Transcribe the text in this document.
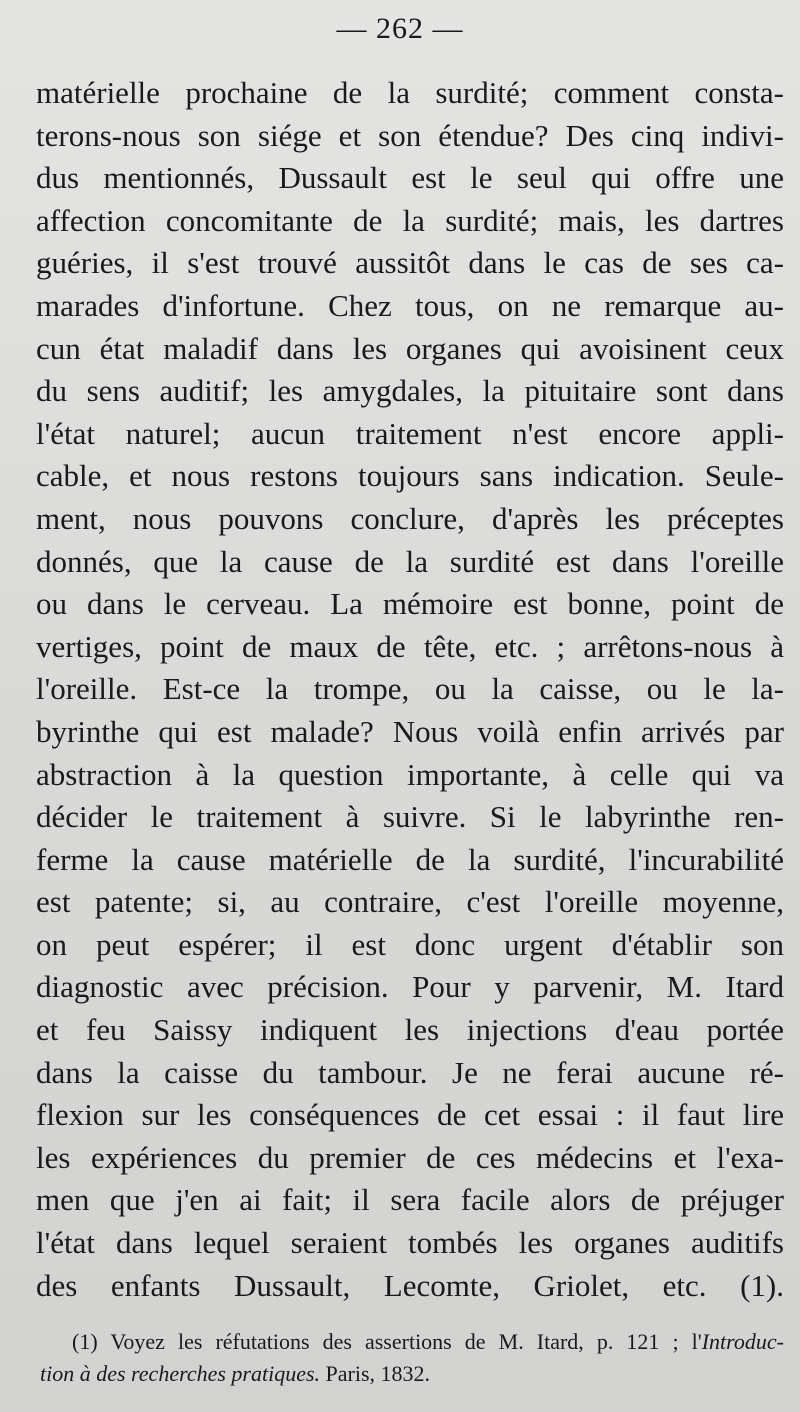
— 262 —
matérielle prochaine de la surdité; comment consta-
terons-nous son siége et son étendue? Des cinq indivi-
dus mentionnés, Dussault est le seul qui offre une
affection concomitante de la surdité; mais, les dartres
guéries, il s'est trouvé aussitôt dans le cas de ses ca-
marades d'infortune. Chez tous, on ne remarque au-
cun état maladif dans les organes qui avoisinent ceux
du sens auditif; les amygdales, la pituitaire sont dans
l'état naturel; aucun traitement n'est encore appli-
cable, et nous restons toujours sans indication. Seule-
ment, nous pouvons conclure, d'après les préceptes
donnés, que la cause de la surdité est dans l'oreille
ou dans le cerveau. La mémoire est bonne, point de
vertiges, point de maux de tête, etc. ; arrêtons-nous à
l'oreille. Est-ce la trompe, ou la caisse, ou le la-
byrinthe qui est malade? Nous voilà enfin arrivés par
abstraction à la question importante, à celle qui va
décider le traitement à suivre. Si le labyrinthe ren-
ferme la cause matérielle de la surdité, l'incurabilité
est patente; si, au contraire, c'est l'oreille moyenne,
on peut espérer; il est donc urgent d'établir son
diagnostic avec précision. Pour y parvenir, M. Itard
et feu Saissy indiquent les injections d'eau portée
dans la caisse du tambour. Je ne ferai aucune ré-
flexion sur les conséquences de cet essai : il faut lire
les expériences du premier de ces médecins et l'exa-
men que j'en ai fait; il sera facile alors de préjuger
l'état dans lequel seraient tombés les organes auditifs
des enfants Dussault, Lecomte, Griolet, etc. (1).
(1) Voyez les réfutations des assertions de M. Itard, p. 121 ; l'Introduc-
tion à des recherches pratiques. Paris, 1832.
